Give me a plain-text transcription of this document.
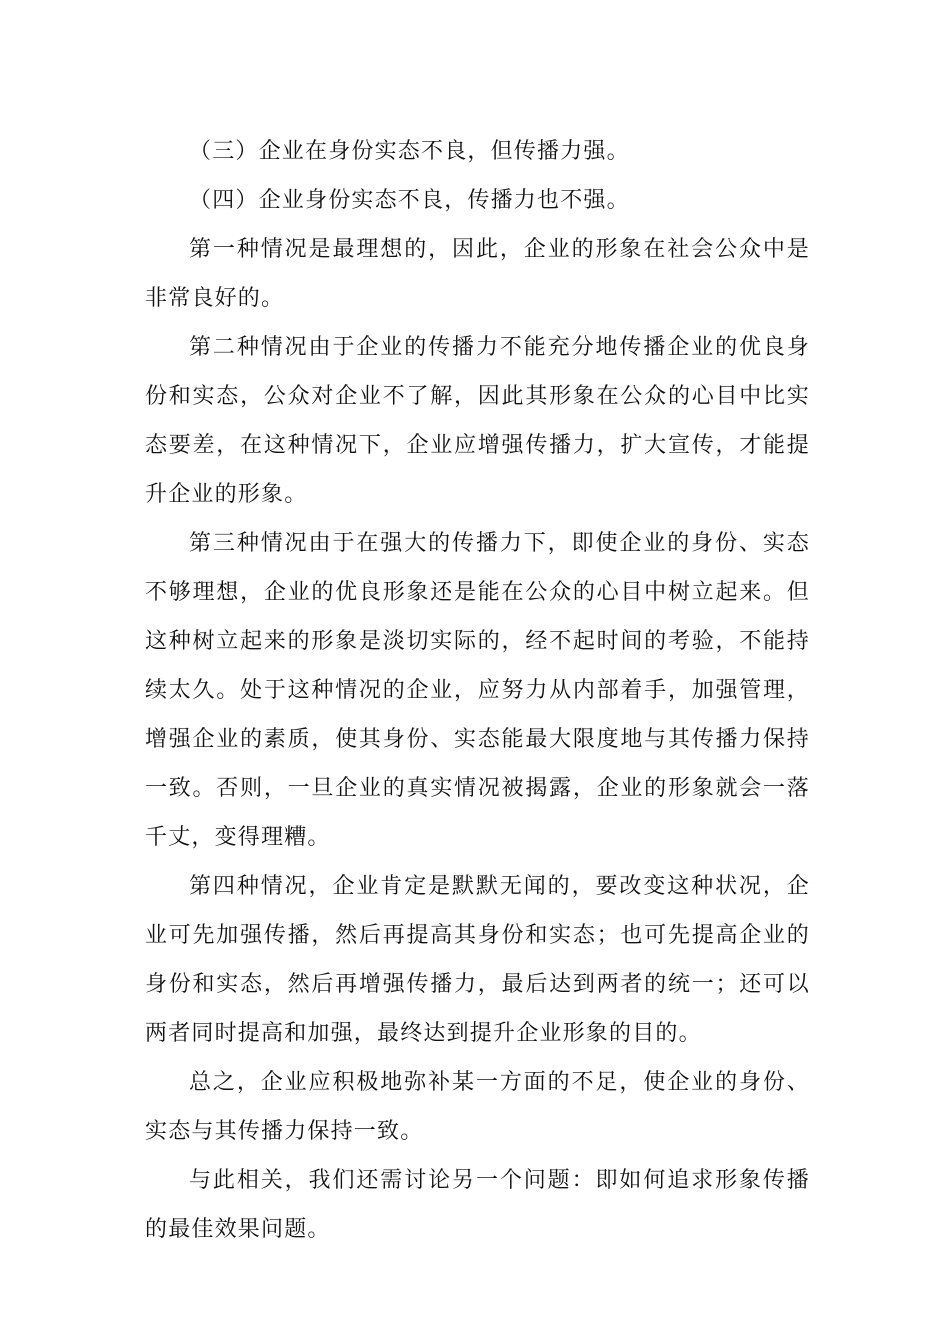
（三）企业在身份实态不良，但传播力强。

（四）企业身份实态不良，传播力也不强。

第一种情况是最理想的，因此，企业的形象在社会公众中是非常良好的。

第二种情况由于企业的传播力不能充分地传播企业的优良身份和实态，公众对企业不了解，因此其形象在公众的心目中比实态要差，在这种情况下，企业应增强传播力，扩大宣传，才能提升企业的形象。

第三种情况由于在强大的传播力下，即使企业的身份、实态不够理想，企业的优良形象还是能在公众的心目中树立起来。但这种树立起来的形象是淡切实际的，经不起时间的考验，不能持续太久。处于这种情况的企业，应努力从内部着手，加强管理，增强企业的素质，使其身份、实态能最大限度地与其传播力保持一致。否则，一旦企业的真实情况被揭露，企业的形象就会一落千丈，变得理糟。

第四种情况，企业肯定是默默无闻的，要改变这种状况，企业可先加强传播，然后再提高其身份和实态；也可先提高企业的身份和实态，然后再增强传播力，最后达到两者的统一；还可以两者同时提高和加强，最终达到提升企业形象的目的。

总之，企业应积极地弥补某一方面的不足，使企业的身份、实态与其传播力保持一致。

与此相关，我们还需讨论另一个问题：即如何追求形象传播的最佳效果问题。
